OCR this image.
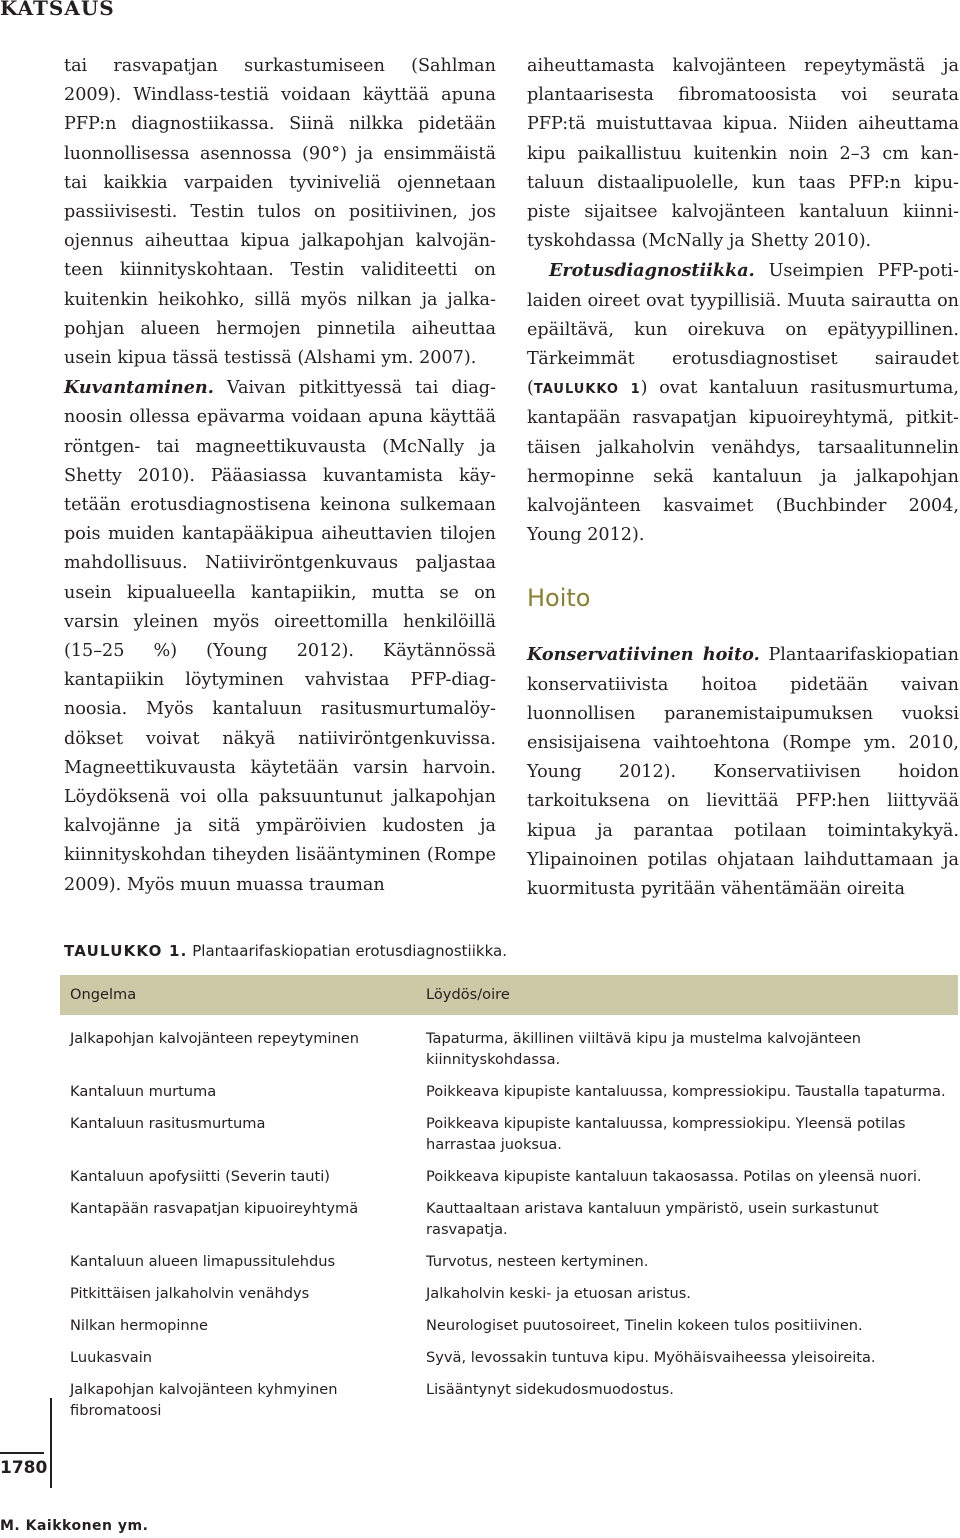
KATSAUS

tai rasvapatjan surkastumiseen (Sahlman 2009). Windlass-testiä voidaan käyttää apuna PFP:n diagnostiikassa. Siinä nilkka pidetään luonnollisessa asennossa (90°) ja ensimmäistä tai kaikkia varpaiden tyviniveliä ojennetaan passiivisesti. Testin tulos on positiivinen, jos ojennus aiheuttaa kipua jalkapohjan kalvojänteen kiinnityskohtaan. Testin validiteetti on kuitenkin heikohko, sillä myös nilkan ja jalkapohjan alueen hermojen pinnetila aiheuttaa usein kipua tässä testissä (Alshami ym. 2007).
Kuvantaminen. Vaivan pitkittyessä tai diagnoosin ollessa epävarma voidaan apuna käyttää röntgen- tai magneettikuvausta (McNally ja Shetty 2010). Pääasiassa kuvantamista käytetään erotusdiagnostisena keinona sulkemaan pois muiden kantapääkipua aiheuttavien tilojen mahdollisuus. Natiiviröntgenkuvaus paljastaa usein kipualueella kantapiikin, mutta se on varsin yleinen myös oireettomilla henkilöillä (15–25 %) (Young 2012). Käytännössä kantapiikin löytyminen vahvistaa PFP-diagnoosia. Myös kantaluun rasitusmurtumalöydökset voivat näkyä natiiviröntgenkuvissa. Magneettikuvausta käytetään varsin harvoin. Löydöksenä voi olla paksuuntunut jalkapohjan kalvojänne ja sitä ympäröivien kudosten ja kiinnityskohdan tiheyden lisääntyminen (Rompe 2009). Myös muun muassa trauman

aiheuttamasta kalvojänteen repeytymästä ja plantaarisesta fibromatoosista voi seurata PFP:tä muistuttavaa kipua. Niiden aiheuttama kipu paikallistuu kuitenkin noin 2–3 cm kantaluun distaalipuolelle, kun taas PFP:n kipupiste sijaitsee kalvojänteen kantaluun kiinnityskohdassa (McNally ja Shetty 2010).

Erotusdiagnostiikka. Useimpien PFP-potilaiden oireet ovat tyypillisiä. Muuta sairautta on epäiltävä, kun oirekuva on epätyypillinen. Tärkeimmät erotusdiagnostiset sairaudet (TAULUKKO 1) ovat kantaluun rasitusmurtuma, kantapään rasvapatjan kipuoireyhtymä, pitkittäisen jalkaholvin venähdys, tarsaalitunnelin hermopinne sekä kantaluun ja jalkapohjan kalvojänteen kasvaimet (Buchbinder 2004, Young 2012).

Hoito

Konservatiivinen hoito. Plantaarifaskiopatian konservatiivista hoitoa pidetään vaivan luonnollisen paranemistaipumuksen vuoksi ensisijaisena vaihtoehtona (Rompe ym. 2010, Young 2012). Konservatiivisen hoidon tarkoituksena on lievittää PFP:hen liittyvää kipua ja parantaa potilaan toimintakykyä. Ylipainoinen potilas ohjataan laihduttamaan ja kuormitusta pyritään vähentämään oireita

TAULUKKO 1. Plantaarifaskiopatian erotusdiagnostiikka.
Ongelma	Löydös/oire
Jalkapohjan kalvojänteen repeytyminen	Tapaturma, äkillinen viiltävä kipu ja mustelma kalvojänteen kiinnityskohdassa.
Kantaluun murtuma	Poikkeava kipupiste kantaluussa, kompressiokipu. Taustalla tapaturma.
Kantaluun rasitusmurtuma	Poikkeava kipupiste kantaluussa, kompressiokipu. Yleensä potilas harrastaa juoksua.
Kantaluun apofysiitti (Severin tauti)	Poikkeava kipupiste kantaluun takaosassa. Potilas on yleensä nuori.
Kantapään rasvapatjan kipuoireyhtymä	Kauttaaltaan aristava kantaluun ympäristö, usein surkastunut rasvapatja.
Kantaluun alueen limapussitulehdus	Turvotus, nesteen kertyminen.
Pitkittäisen jalkaholvin venähdys	Jalkaholvin keski- ja etuosan aristus.
Nilkan hermopinne	Neurologiset puutosoireet, Tinelin kokeen tulos positiivinen.
Luukasvain	Syvä, levossakin tuntuva kipu. Myöhäisvaiheessa yleisoireita.
Jalkapohjan kalvojänteen kyhmyinen fibromatoosi	Lisääntynyt sidekudosmuodostus.
1780
M. Kaikkonen ym.
